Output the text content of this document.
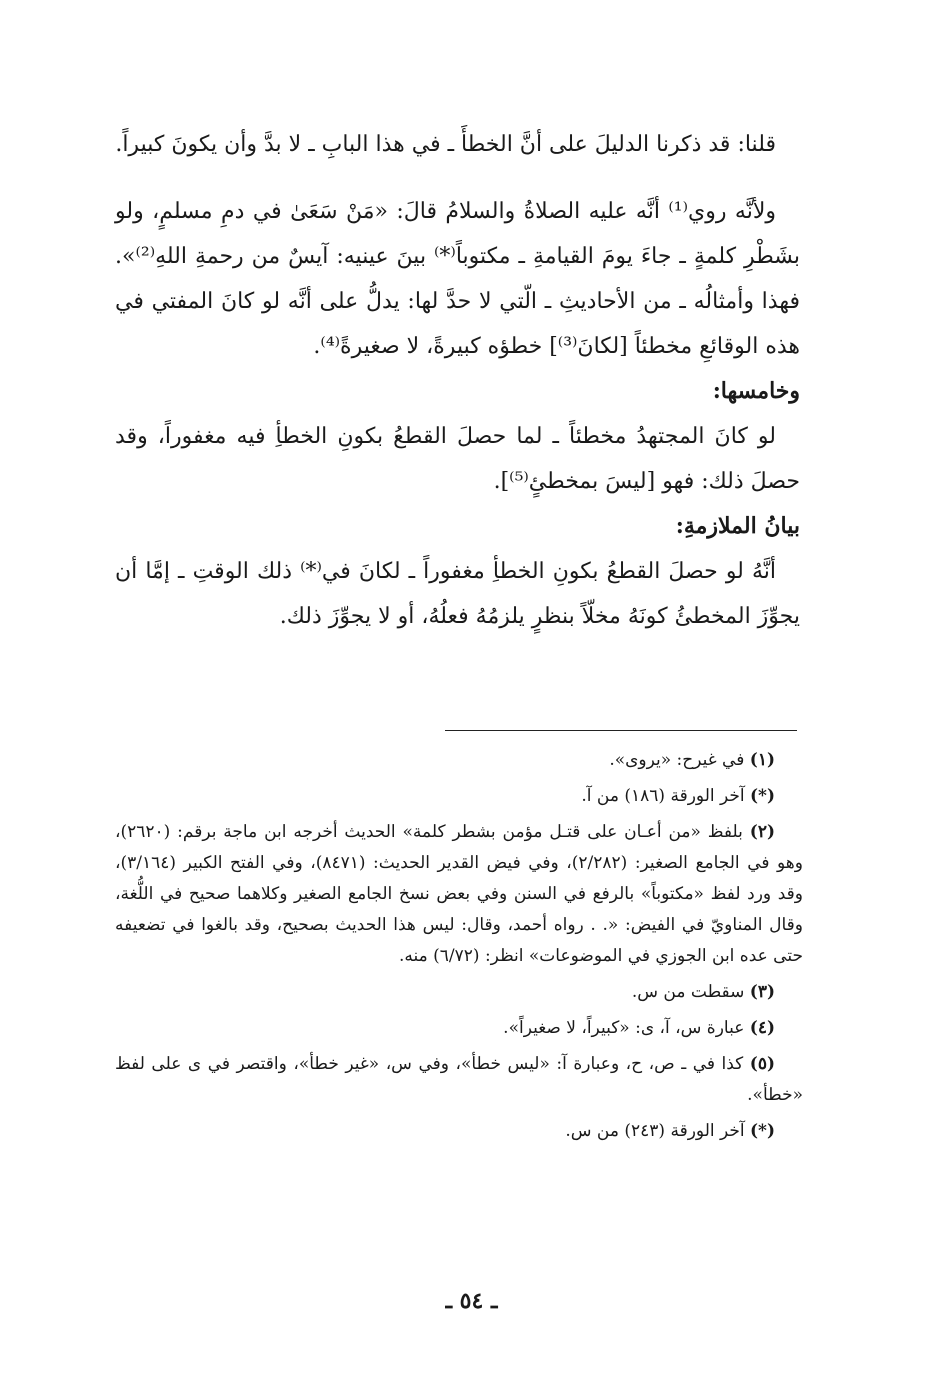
قلنا: قد ذكرنا الدليلَ على أنَّ الخطأَ ـ في هذا البابِ ـ لا بدَّ وأن يكونَ كبيراً.

ولأنَّه روي⁽¹⁾ أنَّه عليه الصلاةُ والسلامُ قالَ: «مَنْ سَعَىٰ في دمِ مسلمٍ، ولو بشَطْرِ كلمةٍ ـ جاءَ يومَ القيامةِ ـ مكتوباً⁽*⁾ بينَ عينيه: آيسٌ من رحمةِ اللهِ⁽²⁾». فهذا وأمثالُه ـ من الأحاديثِ ـ الّتي لا حدَّ لها: يدلُّ على أنَّه لو كانَ المفتي في هذه الوقائعِ مخطئاً [لكانَ⁽³⁾] خطؤه كبيرةً، لا صغيرةً⁽⁴⁾.

وخامسها:

لو كانَ المجتهدُ مخطئاً ـ لما حصلَ القطعُ بكونِ الخطأِ فيه مغفوراً، وقد حصلَ ذلك: فهو [ليسَ بمخطئٍ⁽⁵⁾].

بيانُ الملازمةِ:

أنَّهُ لو حصلَ القطعُ بكونِ الخطأِ مغفوراً ـ لكانَ في⁽*⁾ ذلك الوقتِ ـ إمَّا أن يجوِّزَ المخطئُ كونَهُ مخلّاً بنظرٍ يلزمُهُ فعلُهُ، أو لا يجوِّزَ ذلك.

(١) في غيرح: «يروى».

(*) آخر الورقة (١٨٦) من آ.

(٢) بلفظ «من أعـان على قتـل مؤمن بشطر كلمة» الحديث أخرجه ابن ماجة برقم: (٢٦٢٠)، وهو في الجامع الصغير: (٢/٢٨٢)، وفي فيض القدير الحديث: (٨٤٧١)، وفي الفتح الكبير (٣/١٦٤)، وقد ورد لفظ «مكتوباً» بالرفع في السنن وفي بعض نسخ الجامع الصغير وكلاهما صحيح في اللُّغة، وقال المناويّ في الفيض: «. . رواه أحمد، وقال: ليس هذا الحديث بصحيح، وقد بالغوا في تضعيفه حتى عده ابن الجوزي في الموضوعات» انظر: (٦/٧٢) منه.

(٣) سقطت من س.

(٤) عبارة س، آ، ى: «كبيراً، لا صغيراً».

(٥) كذا في ـ ص، ح، وعبارة آ: «ليس خطأ»، وفي س، «غير خطأ»، واقتصر في ى على لفظ «خطأ».

(*) آخر الورقة (٢٤٣) من س.

ـ ٥٤ ـ
